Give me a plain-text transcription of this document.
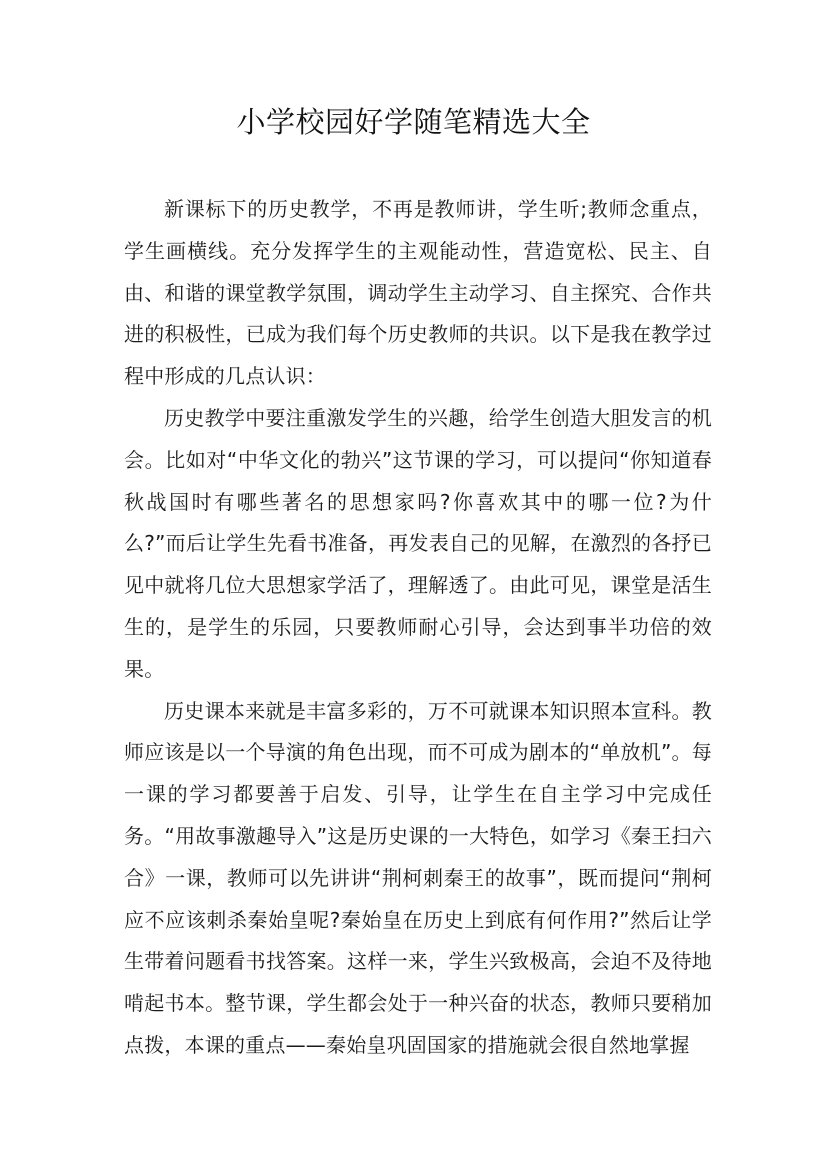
小学校园好学随笔精选大全

新课标下的历史教学，不再是教师讲，学生听;教师念重点，学生画横线。充分发挥学生的主观能动性，营造宽松、民主、自由、和谐的课堂教学氛围，调动学生主动学习、自主探究、合作共进的积极性，已成为我们每个历史教师的共识。以下是我在教学过程中形成的几点认识：

历史教学中要注重激发学生的兴趣，给学生创造大胆发言的机会。比如对“中华文化的勃兴”这节课的学习，可以提问“你知道春秋战国时有哪些著名的思想家吗?你喜欢其中的哪一位?为什么?”而后让学生先看书准备，再发表自己的见解，在激烈的各抒已见中就将几位大思想家学活了，理解透了。由此可见，课堂是活生生的，是学生的乐园，只要教师耐心引导，会达到事半功倍的效果。

历史课本来就是丰富多彩的，万不可就课本知识照本宣科。教师应该是以一个导演的角色出现，而不可成为剧本的“单放机”。每一课的学习都要善于启发、引导，让学生在自主学习中完成任务。“用故事激趣导入”这是历史课的一大特色，如学习《秦王扫六合》一课，教师可以先讲讲“荆柯刺秦王的故事”，既而提问“荆柯应不应该刺杀秦始皇呢?秦始皇在历史上到底有何作用?”然后让学生带着问题看书找答案。这样一来，学生兴致极高，会迫不及待地啃起书本。整节课，学生都会处于一种兴奋的状态，教师只要稍加点拨，本课的重点——秦始皇巩固国家的措施就会很自然地掌握
